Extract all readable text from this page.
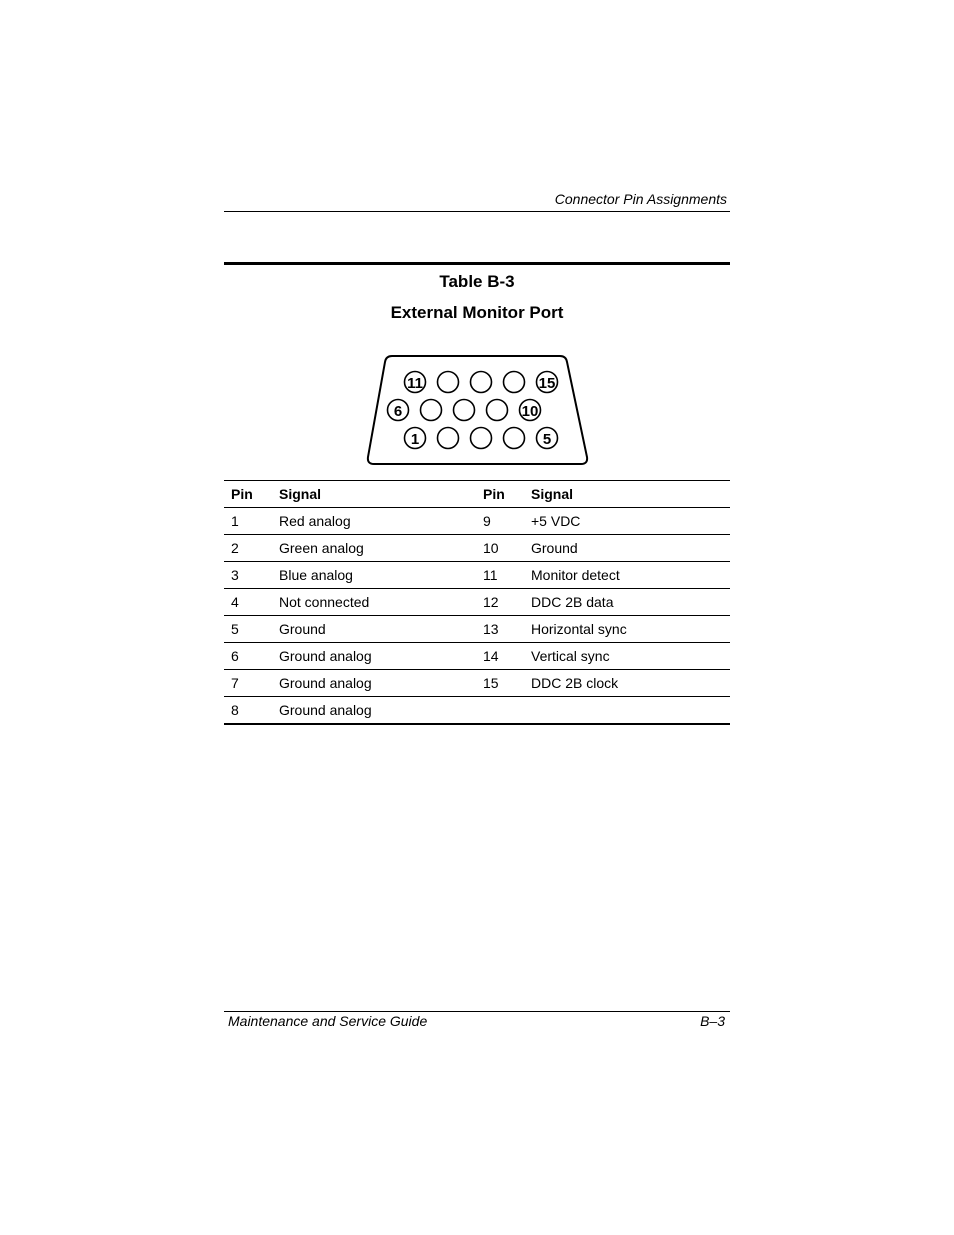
Connector Pin Assignments
Table B-3
External Monitor Port
11	15
6	10
1	5
Pin	Signal	Pin	Signal
1	Red analog	9	+5 VDC
2	Green analog	10	Ground
3	Blue analog	11	Monitor detect
4	Not connected	12	DDC 2B data
5	Ground	13	Horizontal sync
6	Ground analog	14	Vertical sync
7	Ground analog	15	DDC 2B clock
8	Ground analog		
Maintenance and Service Guide	B–3
